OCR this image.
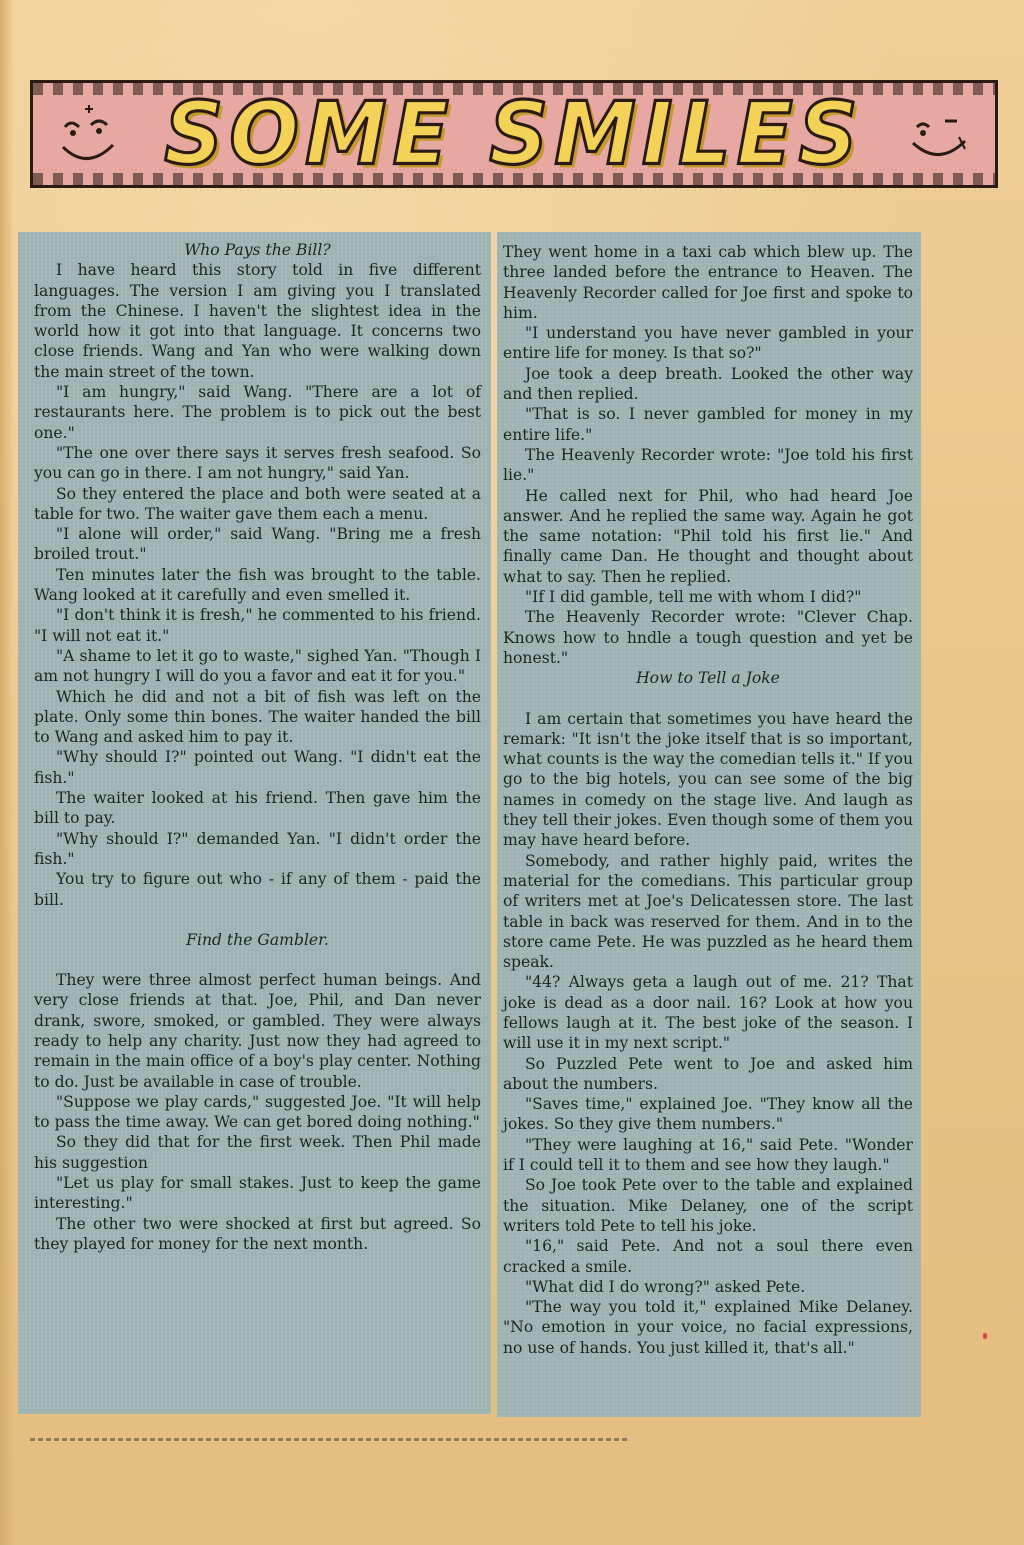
SOME SMILES

Who Pays the Bill?

I have heard this story told in five different languages. The version I am giving you I translated from the Chinese. I haven't the slightest idea in the world how it got into that language. It concerns two close friends. Wang and Yan who were walking down the main street of the town.

"I am hungry," said Wang. "There are a lot of restaurants here. The problem is to pick out the best one."

"The one over there says it serves fresh seafood. So you can go in there. I am not hungry," said Yan.

So they entered the place and both were seated at a table for two. The waiter gave them each a menu.

"I alone will order," said Wang. "Bring me a fresh broiled trout."

Ten minutes later the fish was brought to the table. Wang looked at it carefully and even smelled it.

"I don't think it is fresh," he commented to his friend. "I will not eat it."

"A shame to let it go to waste," sighed Yan. "Though I am not hungry I will do you a favor and eat it for you."

Which he did and not a bit of fish was left on the plate. Only some thin bones. The waiter handed the bill to Wang and asked him to pay it.

"Why should I?" pointed out Wang. "I didn't eat the fish."

The waiter looked at his friend. Then gave him the bill to pay.

"Why should I?" demanded Yan. "I didn't order the fish."

You try to figure out who - if any of them - paid the bill.

Find the Gambler.

They were three almost perfect human beings. And very close friends at that. Joe, Phil, and Dan never drank, swore, smoked, or gambled. They were always ready to help any charity. Just now they had agreed to remain in the main office of a boy's play center. Nothing to do. Just be available in case of trouble.

"Suppose we play cards," suggested Joe. "It will help to pass the time away. We can get bored doing nothing."

So they did that for the first week. Then Phil made his suggestion

"Let us play for small stakes. Just to keep the game interesting."

The other two were shocked at first but agreed. So they played for money for the next month.

They went home in a taxi cab which blew up. The three landed before the entrance to Heaven. The Heavenly Recorder called for Joe first and spoke to him.

"I understand you have never gambled in your entire life for money. Is that so?"

Joe took a deep breath. Looked the other way and then replied.

"That is so. I never gambled for money in my entire life."

The Heavenly Recorder wrote: "Joe told his first lie."

He called next for Phil, who had heard Joe answer. And he replied the same way. Again he got the same notation: "Phil told his first lie." And finally came Dan. He thought and thought about what to say. Then he replied.

"If I did gamble, tell me with whom I did?"

The Heavenly Recorder wrote: "Clever Chap. Knows how to hndle a tough question and yet be honest."

How to Tell a Joke

I am certain that sometimes you have heard the remark: "It isn't the joke itself that is so important, what counts is the way the comedian tells it." If you go to the big hotels, you can see some of the big names in comedy on the stage live. And laugh as they tell their jokes. Even though some of them you may have heard before.

Somebody, and rather highly paid, writes the material for the comedians. This particular group of writers met at Joe's Delicatessen store. The last table in back was reserved for them. And in to the store came Pete. He was puzzled as he heard them speak.

"44? Always geta a laugh out of me. 21? That joke is dead as a door nail. 16? Look at how you fellows laugh at it. The best joke of the season. I will use it in my next script."

So Puzzled Pete went to Joe and asked him about the numbers.

"Saves time," explained Joe. "They know all the jokes. So they give them numbers."

"They were laughing at 16," said Pete. "Wonder if I could tell it to them and see how they laugh."

So Joe took Pete over to the table and explained the situation. Mike Delaney, one of the script writers told Pete to tell his joke.

"16," said Pete. And not a soul there even cracked a smile.

"What did I do wrong?" asked Pete.

"The way you told it," explained Mike Delaney. "No emotion in your voice, no facial expressions, no use of hands. You just killed it, that's all."
